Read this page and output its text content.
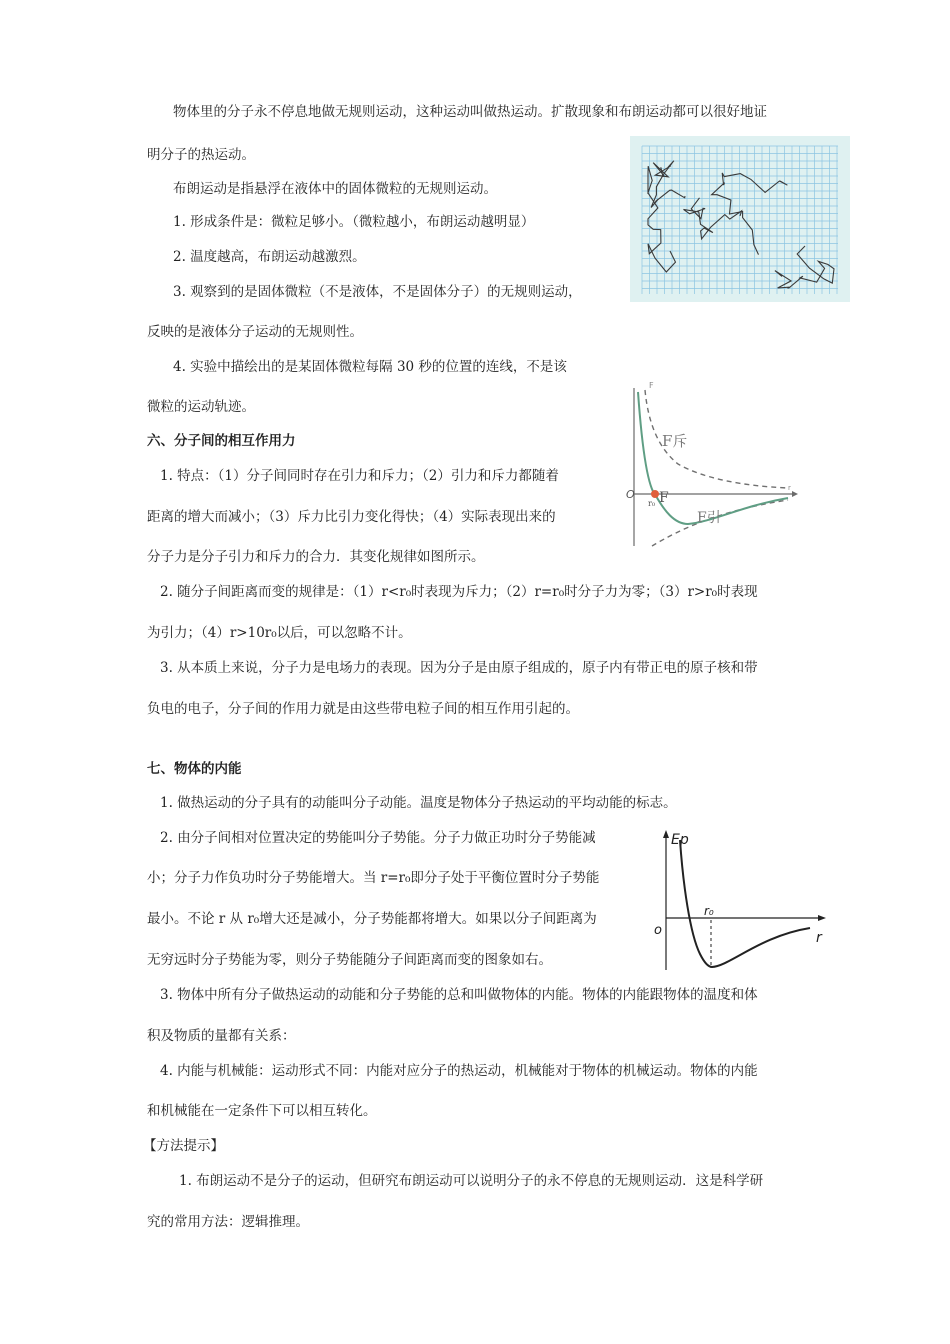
物体里的分子永不停息地做无规则运动，这种运动叫做热运动。扩散现象和布朗运动都可以很好地证

明分子的热运动。

布朗运动是指悬浮在液体中的固体微粒的无规则运动。

1. 形成条件是：微粒足够小。（微粒越小，布朗运动越明显）

2. 温度越高，布朗运动越激烈。

3. 观察到的是固体微粒（不是液体，不是固体分子）的无规则运动，

反映的是液体分子运动的无规则性。

4. 实验中描绘出的是某固体微粒每隔 30 秒的位置的连线，不是该

微粒的运动轨迹。

六、分子间的相互作用力

1. 特点：（1）分子间同时存在引力和斥力；（2）引力和斥力都随着

距离的增大而减小；（3）斥力比引力变化得快；（4）实际表现出来的

分子力是分子引力和斥力的合力．其变化规律如图所示。

2. 随分子间距离而变的规律是：（1）r<r₀时表现为斥力；（2）r=r₀时分子力为零；（3）r>r₀时表现

为引力；（4）r>10r₀以后，可以忽略不计。

3. 从本质上来说，分子力是电场力的表现。因为分子是由原子组成的，原子内有带正电的原子核和带

负电的电子，分子间的作用力就是由这些带电粒子间的相互作用引起的。

F
r
O
r₀
F斥
F
F引

七、物体的内能

1. 做热运动的分子具有的动能叫分子动能。温度是物体分子热运动的平均动能的标志。

2. 由分子间相对位置决定的势能叫分子势能。分子力做正功时分子势能减

小；分子力作负功时分子势能增大。当 r=r₀即分子处于平衡位置时分子势能

最小。不论 r 从 r₀增大还是减小，分子势能都将增大。如果以分子间距离为

无穷远时分子势能为零，则分子势能随分子间距离而变的图象如右。

3. 物体中所有分子做热运动的动能和分子势能的总和叫做物体的内能。物体的内能跟物体的温度和体

积及物质的量都有关系：

4. 内能与机械能：运动形式不同：内能对应分子的热运动，机械能对于物体的机械运动。物体的内能

和机械能在一定条件下可以相互转化。

Ep
r
o
r₀

【方法提示】

1. 布朗运动不是分子的运动，但研究布朗运动可以说明分子的永不停息的无规则运动．这是科学研

究的常用方法：逻辑推理。
